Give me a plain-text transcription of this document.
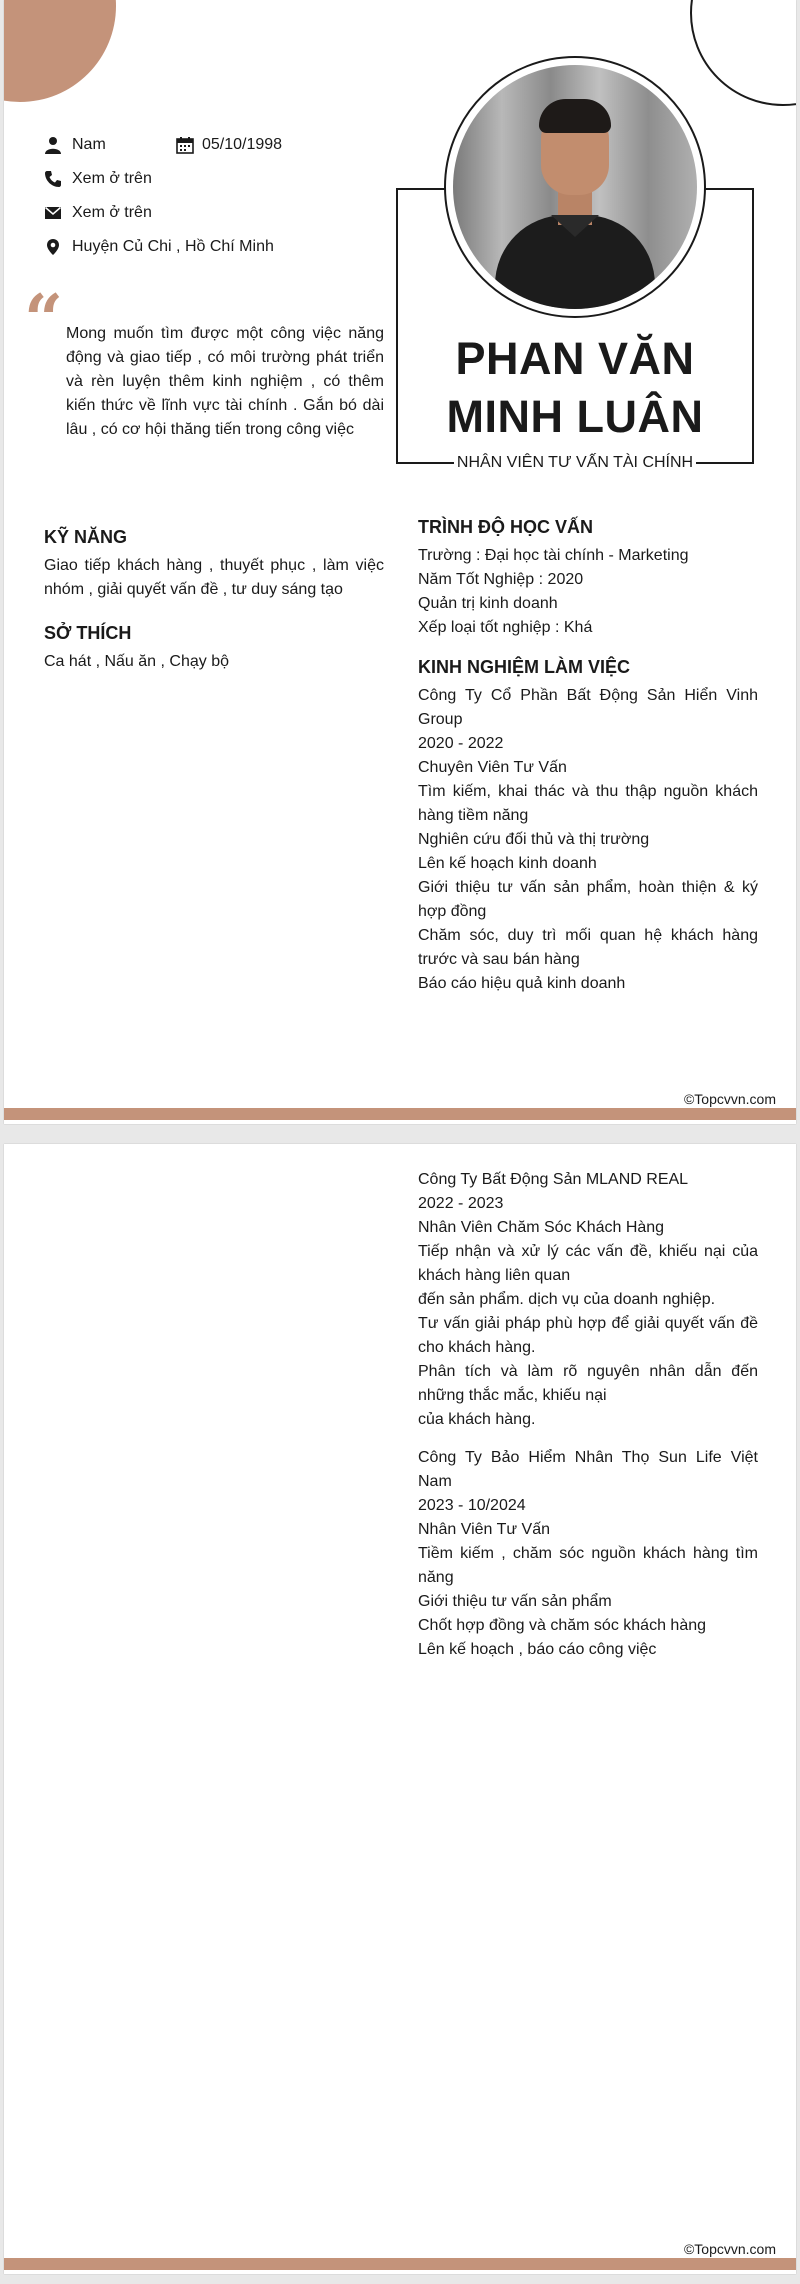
Nam
Xem ở trên
Xem ở trên
Huyện Củ Chi , Hồ Chí Minh
05/10/1998
“ Mong muốn tìm được một công việc năng động và giao tiếp , có môi trường phát triển và rèn luyện thêm kinh nghiệm , có thêm kiến thức về lĩnh vực tài chính . Gắn bó dài lâu , có cơ hội thăng tiến trong công việc

PHAN VĂN
MINH LUÂN
NHÂN VIÊN TƯ VẤN TÀI CHÍNH
KỸ NĂNG

Giao tiếp khách hàng , thuyết phục , làm việc nhóm , giải quyết vấn đề , tư duy sáng tạo

SỞ THÍCH

Ca hát , Nấu ăn , Chạy bộ

TRÌNH ĐỘ HỌC VẤN

Trường : Đại học tài chính - Marketing

Năm Tốt Nghiệp : 2020

Quản trị kinh doanh

Xếp loại tốt nghiệp : Khá

KINH NGHIỆM LÀM VIỆC

Công Ty Cổ Phần Bất Động Sản Hiển Vinh Group

2020 - 2022

Chuyên Viên Tư Vấn

Tìm kiếm, khai thác và thu thập nguồn khách hàng tiềm năng

Nghiên cứu đối thủ và thị trường

Lên kế hoạch kinh doanh

Giới thiệu tư vấn sản phẩm, hoàn thiện & ký hợp đồng

Chăm sóc, duy trì mối quan hệ khách hàng trước và sau bán hàng

Báo cáo hiệu quả kinh doanh

©Topcvvn.com

Công Ty Bất Động Sản MLAND REAL

2022 - 2023

Nhân Viên Chăm Sóc Khách Hàng

Tiếp nhận và xử lý các vấn đề, khiếu nại của khách hàng liên quan

đến sản phẩm. dịch vụ của doanh nghiệp.

Tư vấn giải pháp phù hợp để giải quyết vấn đề cho khách hàng.

Phân tích và làm rõ nguyên nhân dẫn đến những thắc mắc, khiếu nại

của khách hàng.

Công Ty Bảo Hiểm Nhân Thọ Sun Life Việt Nam

2023 - 10/2024

Nhân Viên Tư Vấn

Tiềm kiếm , chăm sóc nguồn khách hàng tìm năng

Giới thiệu tư vấn sản phẩm

Chốt hợp đồng và chăm sóc khách hàng

Lên kế hoạch , báo cáo công việc

©Topcvvn.com
